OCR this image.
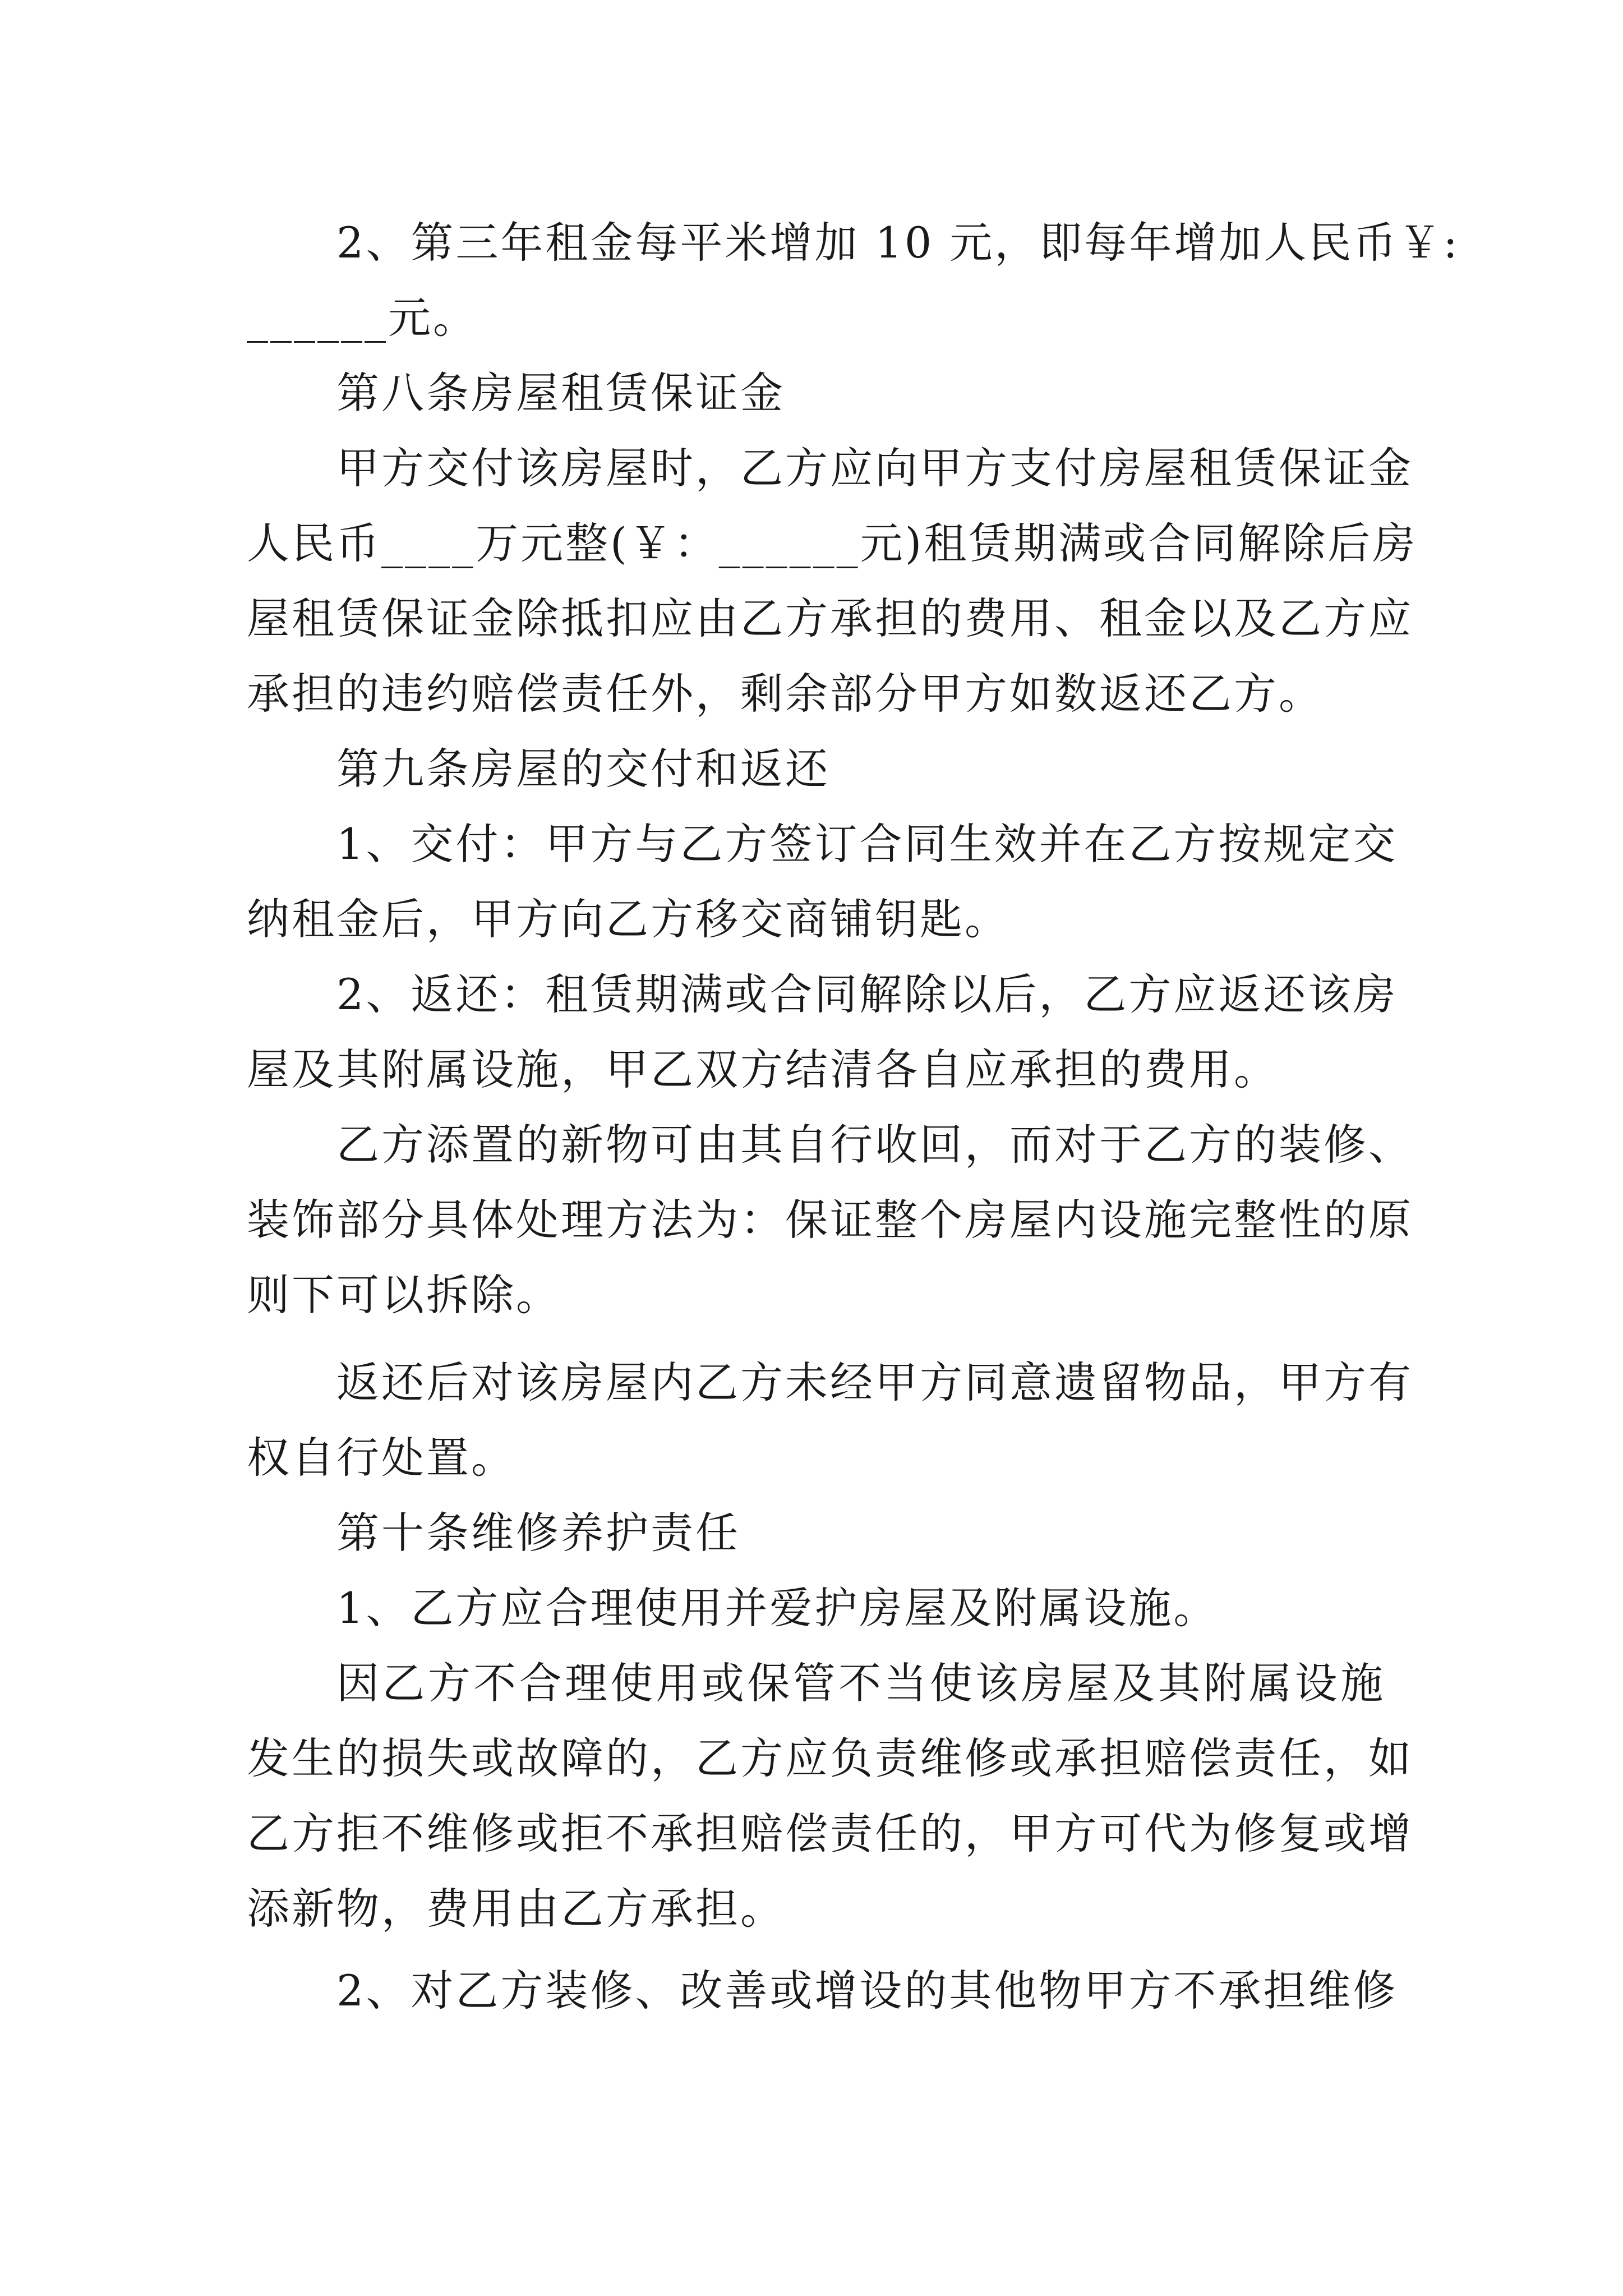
2、第三年租金每平米增加 10 元，即每年增加人民币￥:
______元。
第八条房屋租赁保证金
甲方交付该房屋时，乙方应向甲方支付房屋租赁保证金
人民币____万元整(￥：______元)租赁期满或合同解除后房
屋租赁保证金除抵扣应由乙方承担的费用、租金以及乙方应
承担的违约赔偿责任外，剩余部分甲方如数返还乙方。
第九条房屋的交付和返还
1、交付：甲方与乙方签订合同生效并在乙方按规定交
纳租金后，甲方向乙方移交商铺钥匙。
2、返还：租赁期满或合同解除以后，乙方应返还该房
屋及其附属设施，甲乙双方结清各自应承担的费用。
乙方添置的新物可由其自行收回，而对于乙方的装修、
装饰部分具体处理方法为：保证整个房屋内设施完整性的原
则下可以拆除。
返还后对该房屋内乙方未经甲方同意遗留物品，甲方有
权自行处置。
第十条维修养护责任
1、乙方应合理使用并爱护房屋及附属设施。
因乙方不合理使用或保管不当使该房屋及其附属设施
发生的损失或故障的，乙方应负责维修或承担赔偿责任，如
乙方拒不维修或拒不承担赔偿责任的，甲方可代为修复或增
添新物，费用由乙方承担。
2、对乙方装修、改善或增设的其他物甲方不承担维修
